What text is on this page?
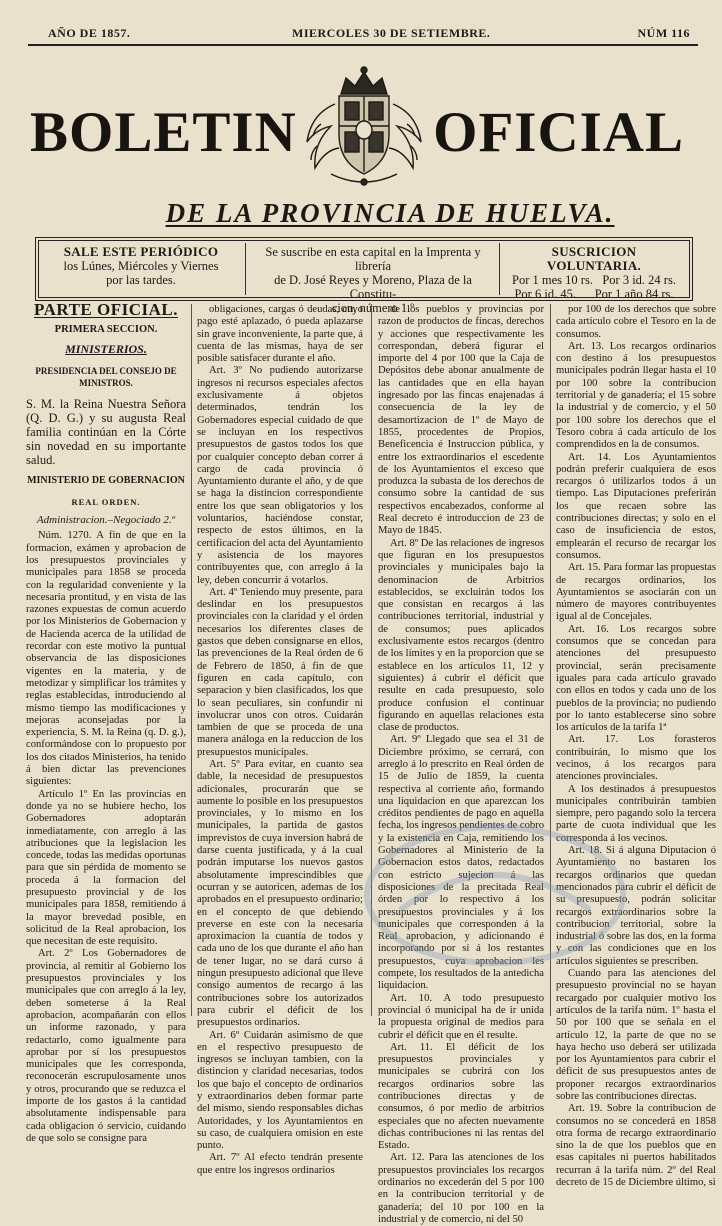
AÑO DE 1857.	MIERCOLES 30 DE SETIEMBRE.	NÚM 116
BOLETIN OFICIAL
DE LA PROVINCIA DE HUELVA.
SALE ESTE PERIÓDICO
los Lúnes, Miércoles y Viernes
por las tardes.
Se suscribe en esta capital en la Imprenta y librería
de D. José Reyes y Moreno, Plaza de la Constitu-
cion, número 1.º
SUSCRICION VOLUNTARIA.
Por 1 mes 10 rs.   Por 3 id. 24 rs.
Por 6 id. 45.      Por 1 año 84 rs.
PARTE OFICIAL.
PRIMERA SECCION.
MINISTERIOS.
PRESIDENCIA DEL CONSEJO DE MINISTROS.
S. M. la Reina Nuestra Señora (Q. D. G.) y su augusta Real familia continúan en la Córte sin novedad en su importante salud.
MINISTERIO DE GOBERNACION
REAL ORDEN.
Administracion.–Negociado 2.º

Núm. 1270. A fin de que en la formacion, exámen y aprobacion de los presupuestos provinciales y municipales para 1858 se proceda con la regularidad conveniente y la necesaria prontitud, y en vista de las razones expuestas de comun acuerdo por los Ministerios de Gobernacion y de Hacienda acerca de la utilidad de recordar con este motivo la puntual observancia de las disposiciones vigentes en la materia, y de metodizar y simplificar los trámites y reglas establecidas, introduciendo al mismo tiempo las modificaciones y mejoras aconsejadas por la experiencia, S. M. la Reina (q. D. g.), conformándose con lo propuesto por los dos citados Ministerios, ha tenido á bien dictar las prevenciones siguientes:

Artículo 1º En las provincias en donde ya no se hubiere hecho, los Gobernadores adoptarán inmediatamente, con arreglo á las atribuciones que la legislacion les concede, todas las medidas oportunas para que sin pérdida de momento se proceda á la formacion del presupuesto provincial y de los municipales para 1858, remitiendo á la mayor brevedad posible, en solicitud de la Real aprobacion, los que necesitan de este requisito.

Art. 2º Los Gobernadores de provincia, al remitir al Gobierno los presupuestos provinciales y los municipales que con arreglo á la ley, deben someterse á la Real aprobacion, acompañarán con ellos un informe razonado, y para redactarlo, como igualmente para aprobar por sí los presupuestos municipales que les corresponda, reconocerán escrupulosamente unos y otros, procurando que se reduzca el importe de los gastos á la cantidad absolutamente indispensable para cada obligacion ó servicio, cuidando de que solo se consigne para

obligaciones, cargas ó deudas, cuyo pago esté aplazado, ó pueda aplazarse sin grave inconveniente, la parte que, á cuenta de las mismas, haya de ser posible satisfacer durante el año.

Art. 3º No pudiendo autorizarse ingresos ni recursos especiales afectos exclusivamente á objetos determinados, tendrán los Gobernadores especial cuidado de que se incluyan en los respectivos presupuestos de gastos todos los que por cualquier concepto deban correr á cargo de cada provincia ó Ayuntamiento durante el año, y de que se haga la distincion correspondiente entre los que sean obligatorios y los voluntarios, haciéndose constar, respecto de estos últimos, en la certificacion del acta del Ayuntamiento y asistencia de los mayores contribuyentes que, con arreglo á la ley, deben concurrir á votarlos.

Art. 4º Teniendo muy presente, para deslindar en los presupuestos provinciales con la claridad y el órden necesarios los diferentes clases de gastos que deben consignarse en ellos, las prevenciones de la Real órden de 6 de Febrero de 1850, á fin de que figuren en cada capítulo, con separacion y bien clasificados, los que lo sean peculiares, sin confundir ni involucrar unos con otros. Cuidarán tambien de que se proceda de una manera análoga en la reduccion de los presupuestos municipales.

Art. 5º Para evitar, en cuanto sea dable, la necesidad de presupuestos adicionales, procurarán que se aumente lo posible en los presupuestos provinciales, y lo mismo en los municipales, la partida de gastos imprevistos de cuya inversion habrá de darse cuenta justificada, y á la cual podrán imputarse los nuevos gastos absolutamente imprescindibles que ocurran y se autoricen, ademas de los aprobados en el presupuesto ordinario; en el concepto de que debiendo preverse en este con la necesaria aproximacion la cuantía de todos y cada uno de los que durante el año han de tener lugar, no se dará curso á ningun presupuesto adicional que lleve consigo aumentos de recargo á las contribuciones sobre los autorizados para cubrir el déficit de los presupuestos ordinarios.

Art. 6º Cuidarán asimismo de que en el respectivo presupuesto de ingresos se incluyan tambien, con la distincion y claridad necesarias, todos los que bajo el concepto de ordinarios y extraordinarios deben formar parte del mismo, siendo responsables dichas Autoridades, y los Ayuntamientos en su caso, de cualquiera omision en este punto.

Art. 7º Al efecto tendrán presente que entre los ingresos ordinarios

de los pueblos y provincias por razon de productos de fincas, derechos y acciones que respectivamente les correspondan, deberá figurar el importe del 4 por 100 que la Caja de Depósitos debe abonar anualmente de las cantidades que en ella hayan ingresado por las fincas enajenadas á consecuencia de la ley de desamortizacion de 1º de Mayo de 1855, procedentes de Propios, Beneficencia é Instruccion pública, y entre los extraordinarios el escedente de los Ayuntamientos el exceso que produzca la subasta de los derechos de consumo sobre la cantidad de sus respectivos encabezados, conforme al Real decreto é introduccion de 23 de Mayo de 1845.

Art. 8º De las relaciones de ingresos que figuran en los presupuestos provinciales y municipales bajo la denominacion de Arbitrios establecidos, se excluirán todos los que consistan en recargos á las contribuciones territorial, industrial y de consumos; pues aplicados exclusivamente estos recargos (dentro de los límites y en la proporcion que se establece en los artículos 11, 12 y siguientes) á cubrir el déficit que resulte en cada presupuesto, solo produce confusion el continuar figurando en aquellas relaciones esta clase de productos.

Art. 9º Llegado que sea el 31 de Diciembre próximo, se cerrará, con arreglo á lo prescrito en Real órden de 15 de Julio de 1859, la cuenta respectiva al corriente año, formando una liquidacion en que aparezcan los créditos pendientes de pago en aquella fecha, los ingresos pendientes de cobro y la existencia en Caja, remitiendo los Gobernadores al Ministerio de la Gobernacion estos datos, redactados con estricto sujecion á las disposiciones de la precitada Real órden por lo respectivo á los presupuestos provinciales y á los municipales que corresponden á la Real aprobacion, y adicionando é incorporando por sí á los restantes presupuestos, cuya aprobacion les compete, los resultados de la antedicha liquidacion.

Art. 10. A todo presupuesto provincial ó municipal ha de ir unida la propuesta original de medios para cubrir el déficit que en él resulte.

Art. 11. El déficit de los presupuestos provinciales y municipales se cubrirá con los recargos ordinarios sobre las contribuciones directas y de consumos, ó por medio de arbitrios especiales que no afecten nuevamente dichas contribuciones ni las rentas del Estado.

Art. 12. Para las atenciones de los presupuestos provinciales los recargos ordinarios no excederán del 5 por 100 en la contribucion territorial y de ganadería; del 10 por 100 en la industrial y de comercio, ni del 50

por 100 de los derechos que sobre cada artículo cobre el Tesoro en la de consumos.

Art. 13. Los recargos ordinarios con destino á los presupuestos municipales podrán llegar hasta el 10 por 100 sobre la contribucion territorial y de ganadería; el 15 sobre la industrial y de comercio, y el 50 por 100 sobre los derechos que el Tesoro cobra á cada artículo de los comprendidos en la de consumos.

Art. 14. Los Ayuntamientos podrán preferir cualquiera de esos recargos ó utilizarlos todos á un tiempo. Las Diputaciones preferirán los que recaen sobre las contribuciones directas; y solo en el caso de insuficiencia de estos, emplearán el recurso de recargar los consumos.

Art. 15. Para formar las propuestas de recargos ordinarios, los Ayuntamientos se asociarán con un número de mayores contribuyentes igual al de Concejales.

Art. 16. Los recargos sobre consumos que se concedan para atenciones del presupuesto provincial, serán precisamente iguales para cada artículo gravado con ellos en todos y cada uno de los pueblos de la provincia; no pudiendo por lo tanto establecerse sino sobre los artículos de la tarifa 1ª

Art. 17. Los forasteros contribuirán, lo mismo que los vecinos, á los recargos para atenciones provinciales.

A los destinados á presupuestos municipales contribuirán tambien siempre, pero pagando solo la tercera parte de cuota individual que les corresponda á los vecinos.

Art. 18. Si á alguna Diputacion ó Ayuntamiento no bastaren los recargos ordinarios que quedan mencionados para cubrir el déficit de su presupuesto, podrán solicitar recargos extraordinarios sobre la contribucion territorial, sobre la industrial ó sobre las dos, en la forma y con las condiciones que en los artículos siguientes se prescriben.

Cuando para las atenciones del presupuesto provincial no se hayan recargado por cualquier motivo los artículos de la tarifa núm. 1º hasta el 50 por 100 que se señala en el artículo 12, la parte de que no se haya hecho uso deberá ser utilizada por los Ayuntamientos para cubrir el déficit de sus presupuestos antes de proponer recargos extraordinarios sobre las contribuciones directas.

Art. 19. Sobre la contribucion de consumos no se concederá en 1858 otra forma de recargo extraordinario sino la de que los pueblos que en esas capitales ni puertos habilitados recurran á la tarifa núm. 2º del Real decreto de 15 de Diciembre último, si
